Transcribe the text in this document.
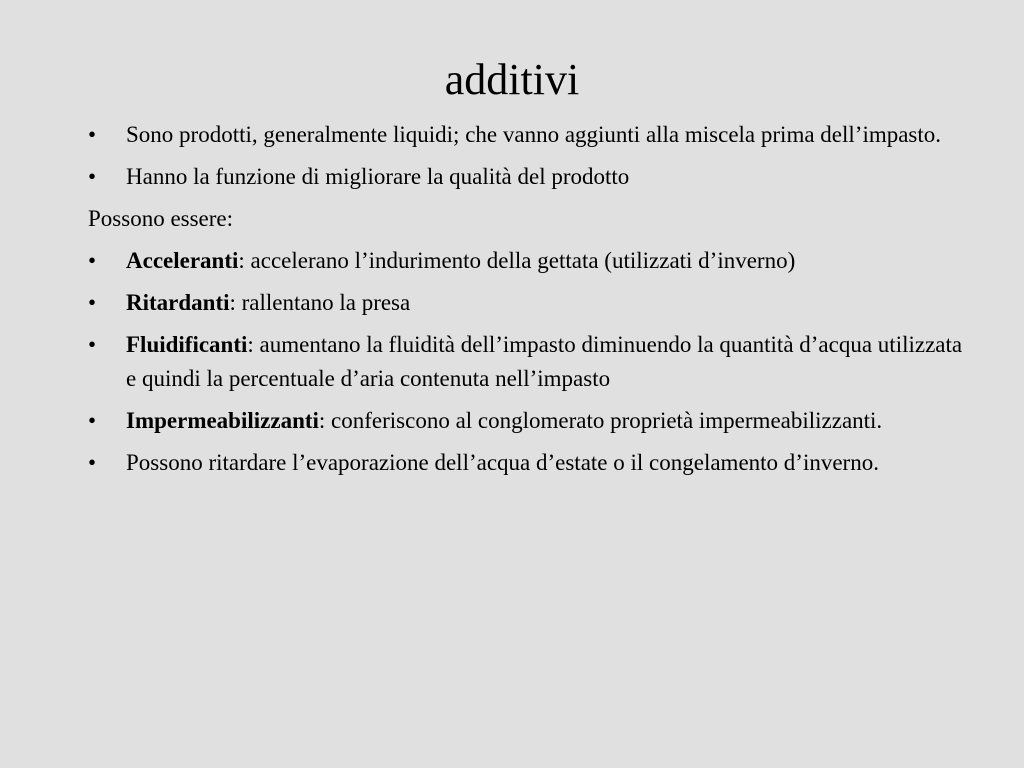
additivi
•	Sono prodotti, generalmente liquidi; che vanno aggiunti alla miscela prima dell’impasto.
•	Hanno la funzione di migliorare la qualità del prodotto
Possono essere:
•	Acceleranti: accelerano l’indurimento della gettata (utilizzati d’inverno)
•	Ritardanti: rallentano la presa
•	Fluidificanti: aumentano la fluidità dell’impasto diminuendo la quantità d’acqua utilizzata e quindi la percentuale d’aria contenuta nell’impasto
•	Impermeabilizzanti: conferiscono al conglomerato proprietà impermeabilizzanti.
•	Possono ritardare l’evaporazione dell’acqua d’estate o il congelamento d’inverno.
